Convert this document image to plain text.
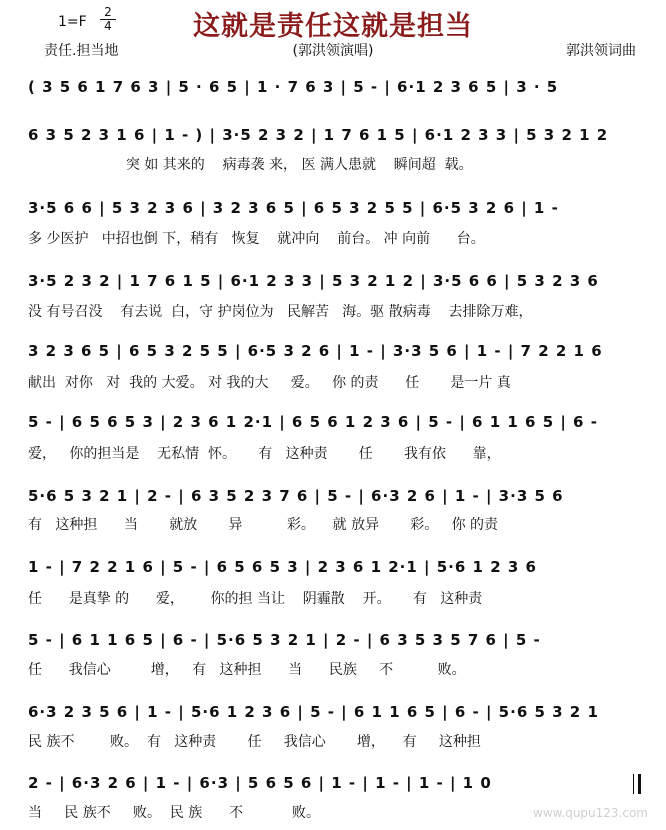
1=F
2
4	这就是责任这就是担当
责任.担当地	(郭洪领演唱)	郭洪领词曲
( 3 5 6 1 7 6 3 | 5 · 6 5 | 1 · 7 6 3 | 5 - | 6·1 2 3 6 5 | 3 · 5
6 3 5 2 3 1 6 | 1 - ) | 3·5 2 3 2 | 1 7 6 1 5 | 6·1 2 3 3 | 5 3 2 1 2
突 如 其来的    病毒袭 来， 医 满人患就    瞬间超  载。
3·5 6 6 | 5 3 2 3 6 | 3 2 3 6 5 | 6 5 3 2 5 5 | 6·5 3 2 6 | 1 -
多 少医护   中招也倒 下，稍有   恢复    就冲向    前台。 冲 向前      台。
3·5 2 3 2 | 1 7 6 1 5 | 6·1 2 3 3 | 5 3 2 1 2 | 3·5 6 6 | 5 3 2 3 6
没 有号召没    有去说  白，守 护岗位为   民解苦   海。驱 散病毒    去排除万难，
3 2 3 6 5 | 6 5 3 2 5 5 | 6·5 3 2 6 | 1 - | 3·3 5 6 | 1 - | 7 2 2 1 6
献出  对你   对  我的 大爱。 对 我的大     爱。   你 的责      任       是一片 真
5 - | 6 5 6 5 3 | 2 3 6 1 2·1 | 6 5 6 1 2 3 6 | 5 - | 6 1 1 6 5 | 6 -
爱，   你的担当是    无私情  怀。     有   这种责       任       我有依      靠，
5·6 5 3 2 1 | 2 - | 6 3 5 2 3 7 6 | 5 - | 6·3 2 6 | 1 - | 3·3 5 6
有   这种担      当       就放       异          彩。    就 放异       彩。   你 的责
1 - | 7 2 2 1 6 | 5 - | 6 5 6 5 3 | 2 3 6 1 2·1 | 5·6 1 2 3 6
任      是真挚 的      爱，      你的担 当让    阴霾散    开。     有   这种责
5 - | 6 1 1 6 5 | 6 - | 5·6 5 3 2 1 | 2 - | 6 3 5 3 5 7 6 | 5 -
任      我信心         增，   有   这种担      当      民族     不          败。
6·3 2 3 5 6 | 1 - | 5·6 1 2 3 6 | 5 - | 6 1 1 6 5 | 6 - | 5·6 5 3 2 1
民 族不        败。  有   这种责       任     我信心       增，    有     这种担
2 - | 6·3 2 6 | 1 - | 6·3 | 5 6 5 6 | 1 - | 1 - | 1 - | 1 0
当     民 族不     败。  民 族      不           败。	www.qupu123.com
